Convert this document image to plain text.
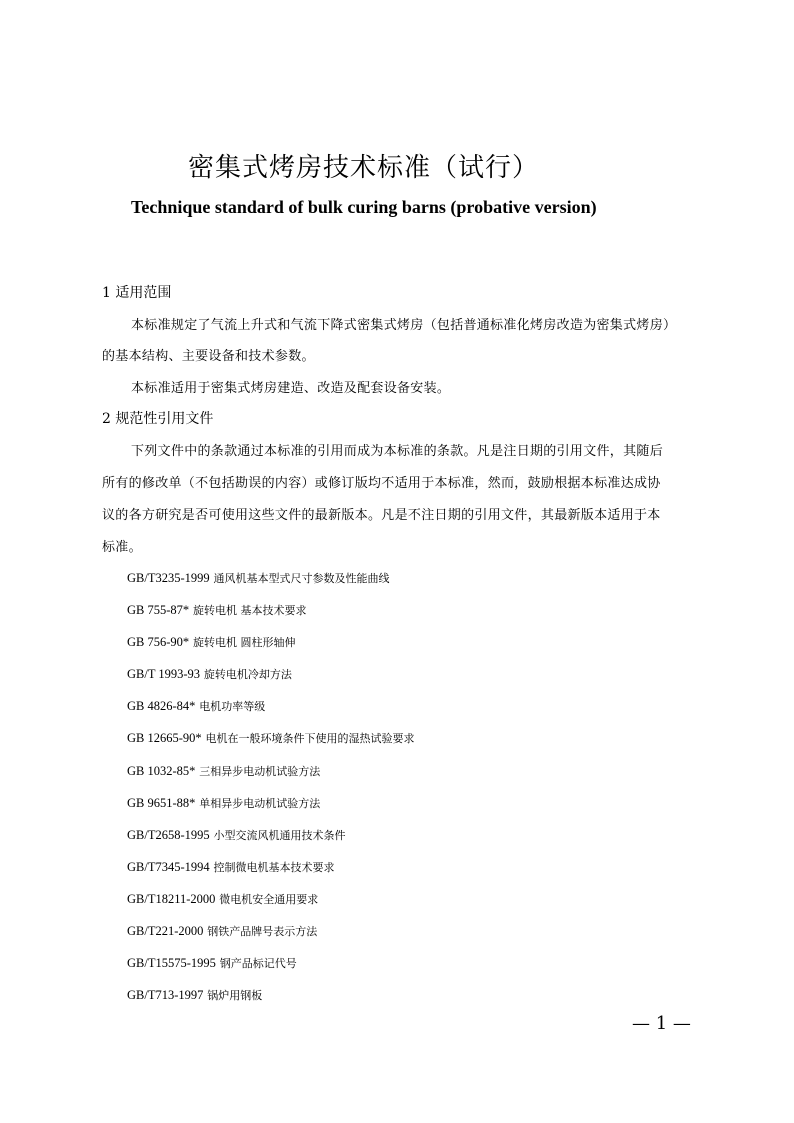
密集式烤房技术标准（试行）
Technique standard of bulk curing barns (probative version)
1 适用范围
本标准规定了气流上升式和气流下降式密集式烤房（包括普通标准化烤房改造为密集式烤房）
的基本结构、主要设备和技术参数。
本标准适用于密集式烤房建造、改造及配套设备安装。
2 规范性引用文件
下列文件中的条款通过本标准的引用而成为本标准的条款。凡是注日期的引用文件，其随后
所有的修改单（不包括勘误的内容）或修订版均不适用于本标准，然而，鼓励根据本标准达成协
议的各方研究是否可使用这些文件的最新版本。凡是不注日期的引用文件，其最新版本适用于本
标准。
GB/T3235-1999 通风机基本型式尺寸参数及性能曲线
GB 755-87* 旋转电机 基本技术要求
GB 756-90* 旋转电机 圆柱形轴伸
GB/T 1993-93 旋转电机冷却方法
GB 4826-84* 电机功率等级
GB 12665-90* 电机在一般环境条件下使用的湿热试验要求
GB 1032-85* 三相异步电动机试验方法
GB 9651-88* 单相异步电动机试验方法
GB/T2658-1995 小型交流风机通用技术条件
GB/T7345-1994 控制微电机基本技术要求
GB/T18211-2000 微电机安全通用要求
GB/T221-2000 钢铁产品牌号表示方法
GB/T15575-1995 钢产品标记代号
GB/T713-1997 锅炉用钢板
— 1 —
